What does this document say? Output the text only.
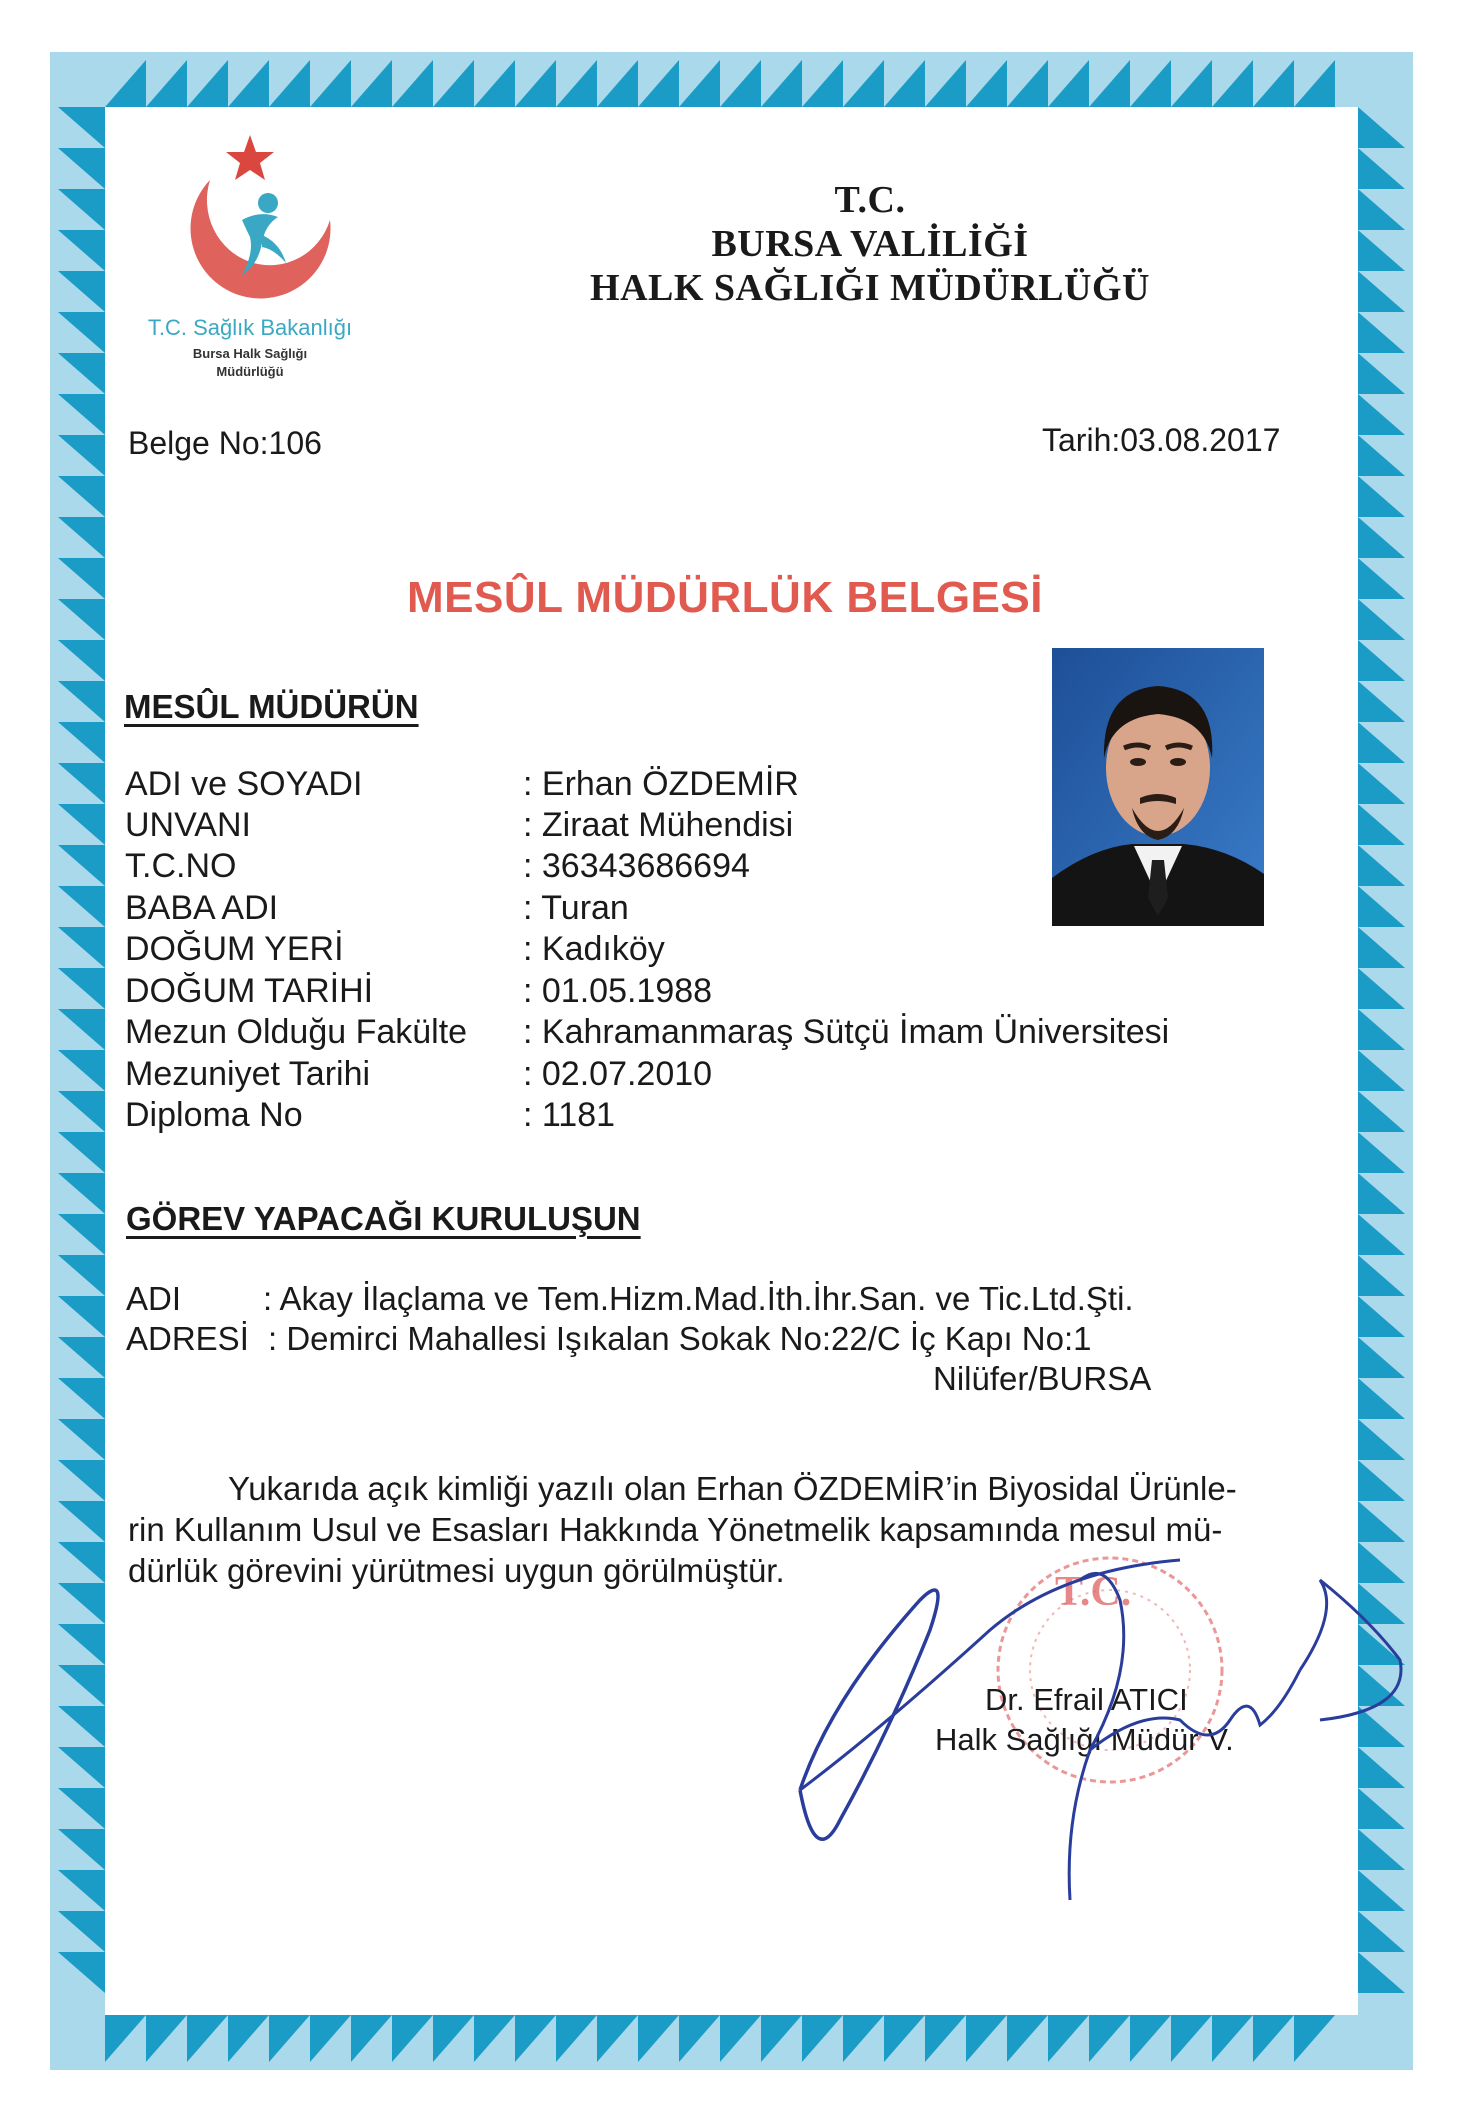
T.C. Sağlık Bakanlığı
Bursa Halk Sağlığı
Müdürlüğü
T.C.
BURSA VALİLİĞİ
HALK SAĞLIĞI MÜDÜRLÜĞÜ
Belge No:106	Tarih:03.08.2017
MESÛL MÜDÜRLÜK BELGESİ
MESÛL MÜDÜRÜN
ADI ve SOYADI	: Erhan ÖZDEMİR
UNVANI	: Ziraat Mühendisi
T.C.NO	: 36343686694
BABA ADI	: Turan
DOĞUM YERİ	: Kadıköy
DOĞUM TARİHİ	: 01.05.1988
Mezun Olduğu Fakülte : Kahramanmaraş Sütçü İmam Üniversitesi
Mezuniyet Tarihi	: 02.07.2010
Diploma No	: 1181
GÖREV YAPACAĞI KURULUŞUN
ADI : Akay İlaçlama ve Tem.Hizm.Mad.İth.İhr.San. ve Tic.Ltd.Şti.
ADRESİ : Demirci Mahallesi Işıkalan Sokak No:22/C İç Kapı No:1
Nilüfer/BURSA
Yukarıda açık kimliği yazılı olan Erhan ÖZDEMİR’in Biyosidal Ürünle-
rin Kullanım Usul ve Esasları Hakkında Yönetmelik kapsamında mesul mü-
dürlük görevini yürütmesi uygun görülmüştür.	T.C.
Dr. Efrail ATICI
Halk Sağlığı Müdür V.
